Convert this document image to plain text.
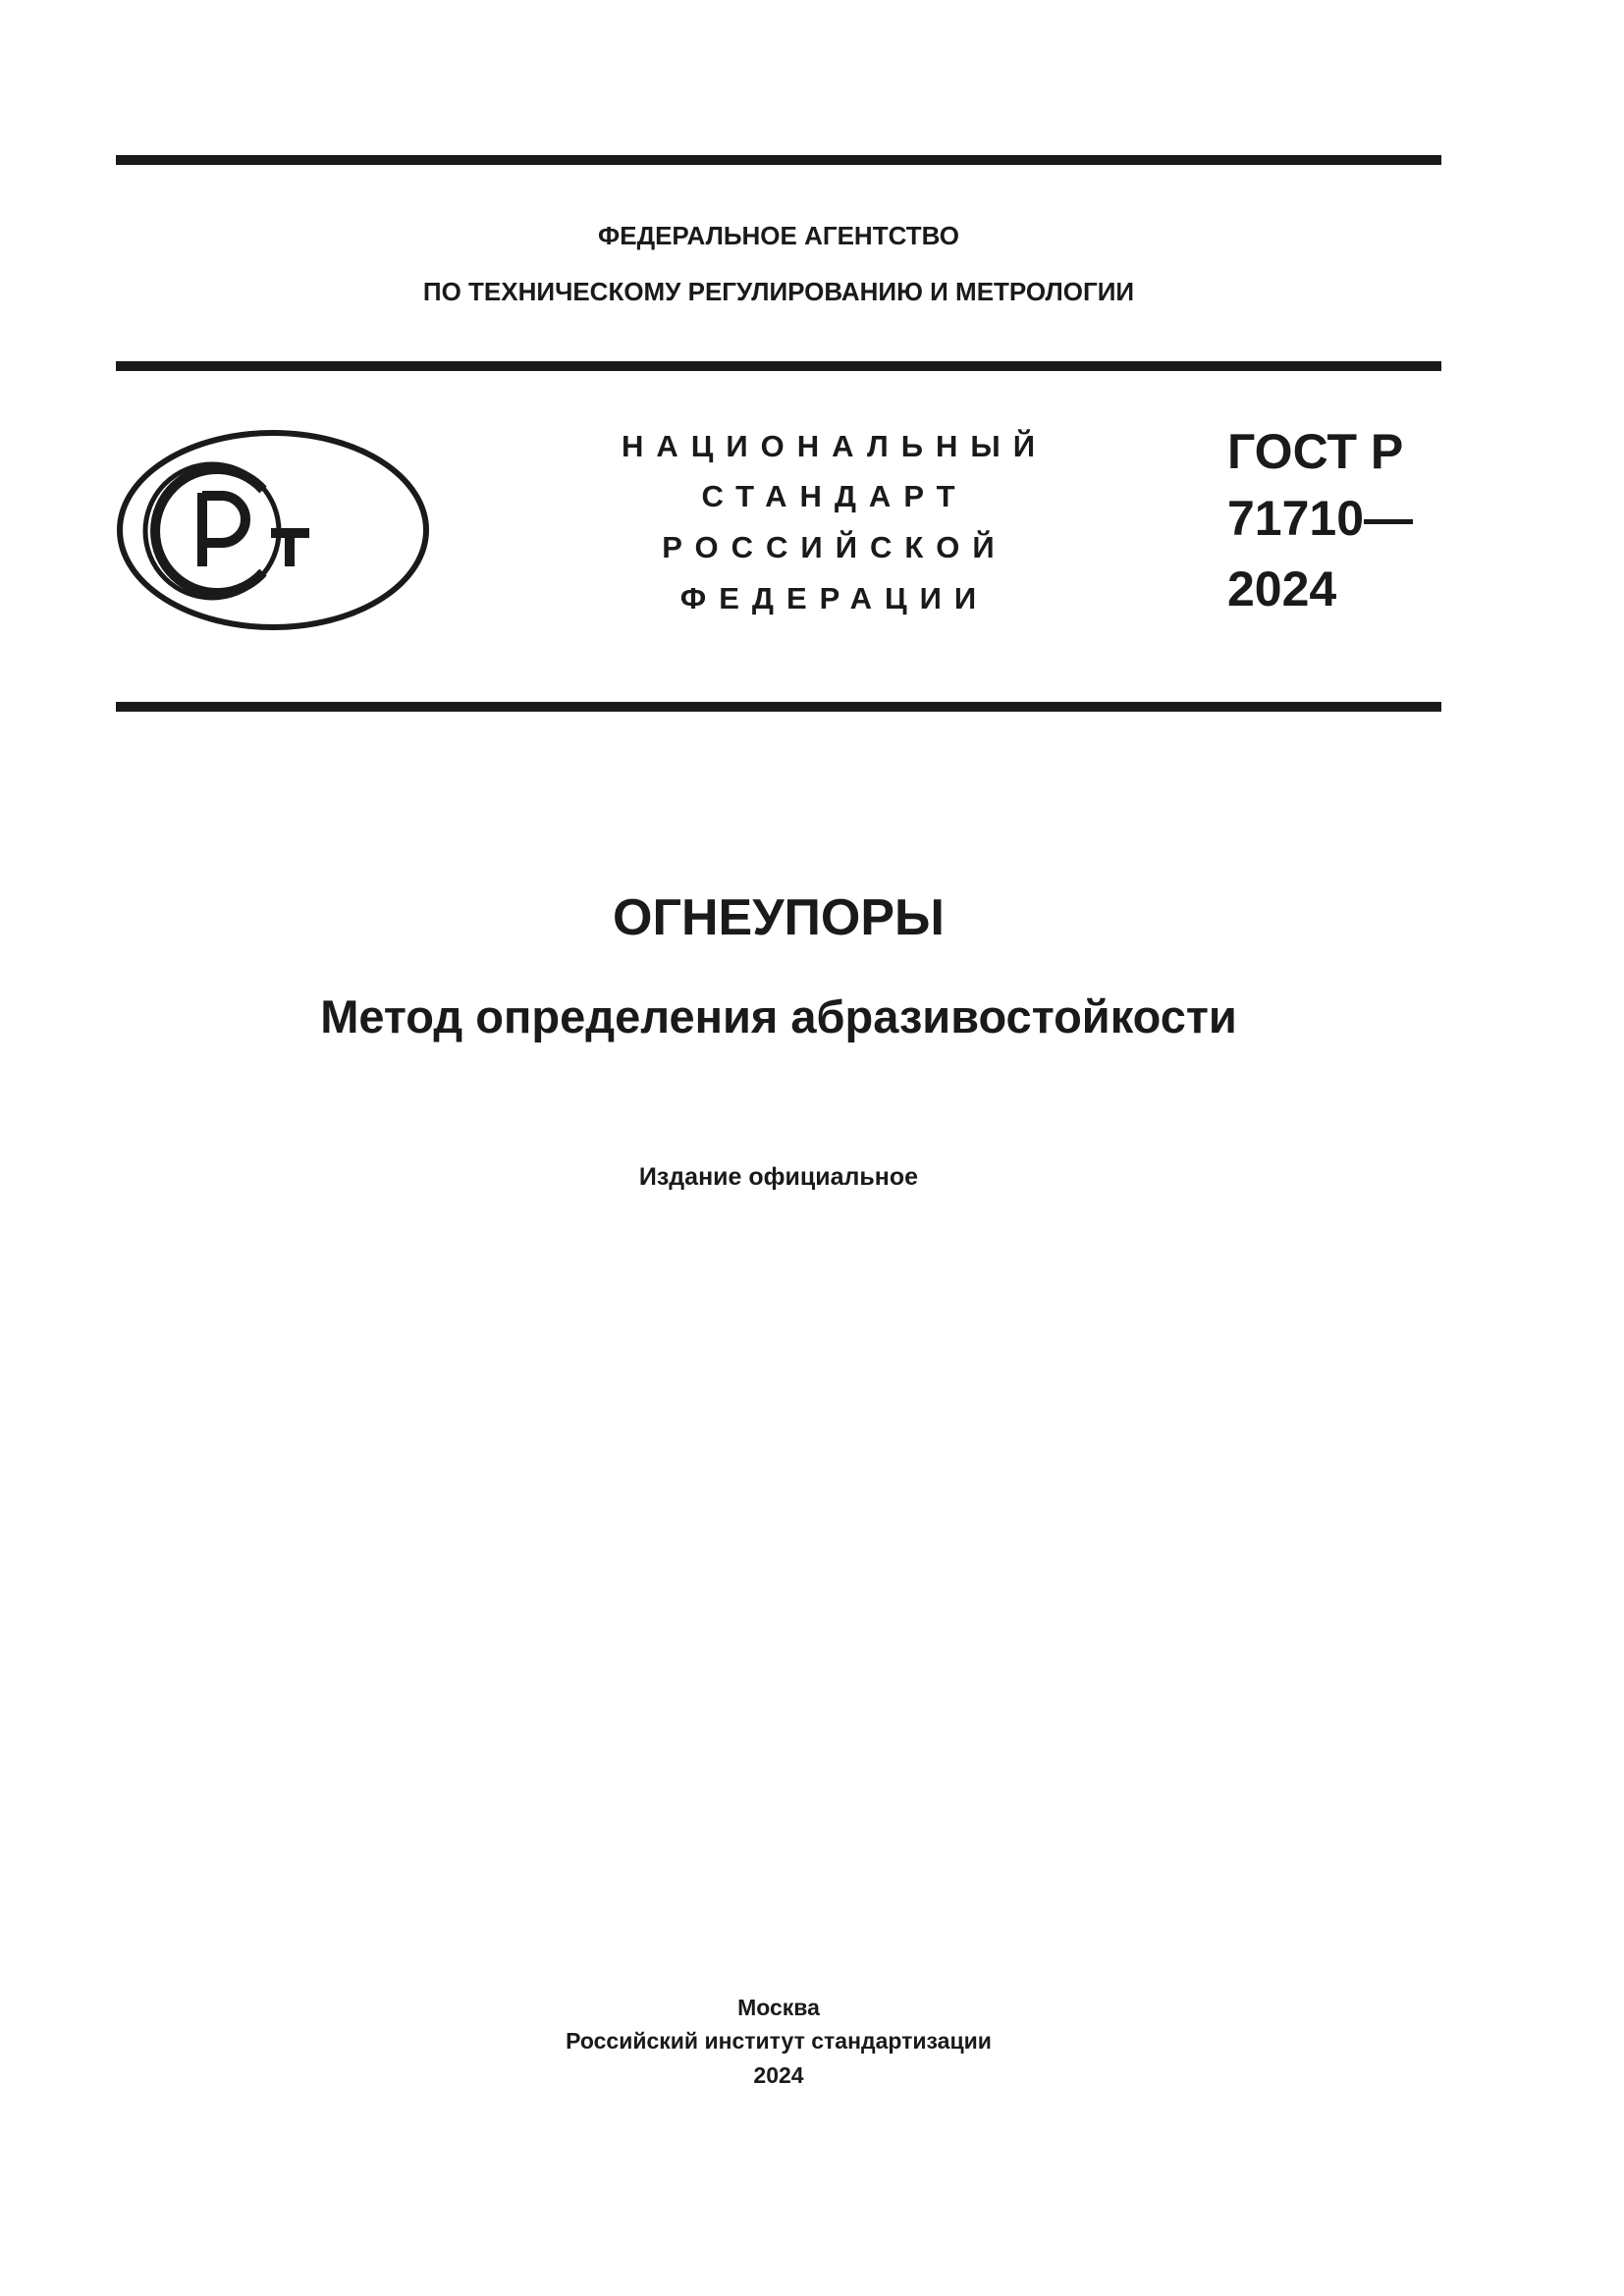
ФЕДЕРАЛЬНОЕ АГЕНТСТВО
ПО ТЕХНИЧЕСКОМУ РЕГУЛИРОВАНИЮ И МЕТРОЛОГИИ
НАЦИОНАЛЬНЫЙ
СТАНДАРТ
РОССИЙСКОЙ
ФЕДЕРАЦИИ
ГОСТ Р
71710—
2024
ОГНЕУПОРЫ
Метод определения абразивостойкости
Издание официальное
Москва
Российский институт стандартизации
2024
